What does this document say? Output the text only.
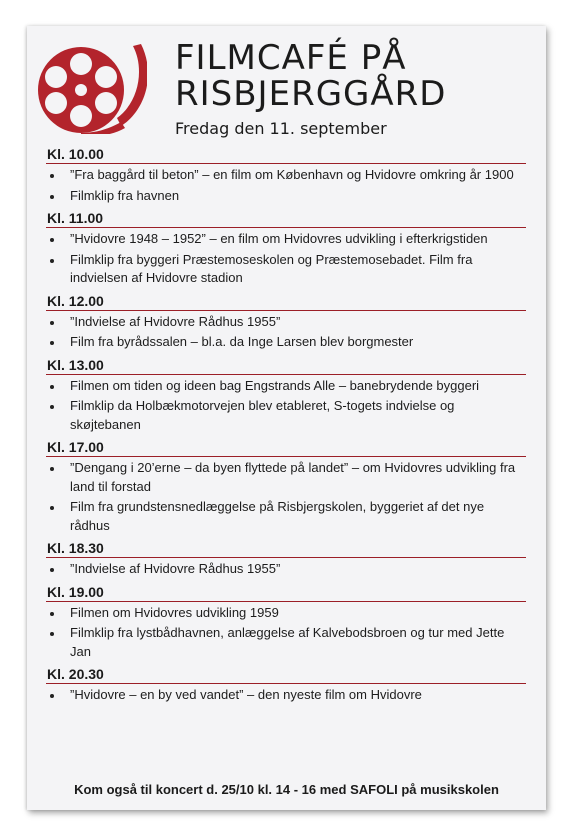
FILMCAFÉ PÅ
RISBJERGGÅRD
Fredag den 11. september
Kl. 10.00
”Fra baggård til beton” – en film om København og Hvidovre omkring år 1900
Filmklip fra havnen
Kl. 11.00
”Hvidovre 1948 – 1952” – en film om Hvidovres udvikling i efterkrigstiden
Filmklip fra byggeri Præstemoseskolen og Præstemosebadet. Film fra indvielsen af Hvidovre stadion
Kl. 12.00
”Indvielse af Hvidovre Rådhus 1955”
Film fra byrådssalen – bl.a. da Inge Larsen blev borgmester
Kl. 13.00
Filmen om tiden og ideen bag Engstrands Alle – banebrydende byggeri
Filmklip da Holbækmotorvejen blev etableret, S-togets indvielse og skøjtebanen
Kl. 17.00
”Dengang i 20’erne – da byen flyttede på landet” – om Hvidovres udvikling fra land til forstad
Film fra grundstensnedlæggelse på Risbjergskolen, byggeriet af det nye rådhus
Kl. 18.30
”Indvielse af Hvidovre Rådhus 1955”
Kl. 19.00
Filmen om Hvidovres udvikling 1959
Filmklip fra lystbådhavnen, anlæggelse af Kalvebodsbroen og tur med Jette Jan
Kl. 20.30
”Hvidovre – en by ved vandet” – den nyeste film om Hvidovre
Kom også til koncert d. 25/10 kl. 14 - 16 med SAFOLI på musikskolen
